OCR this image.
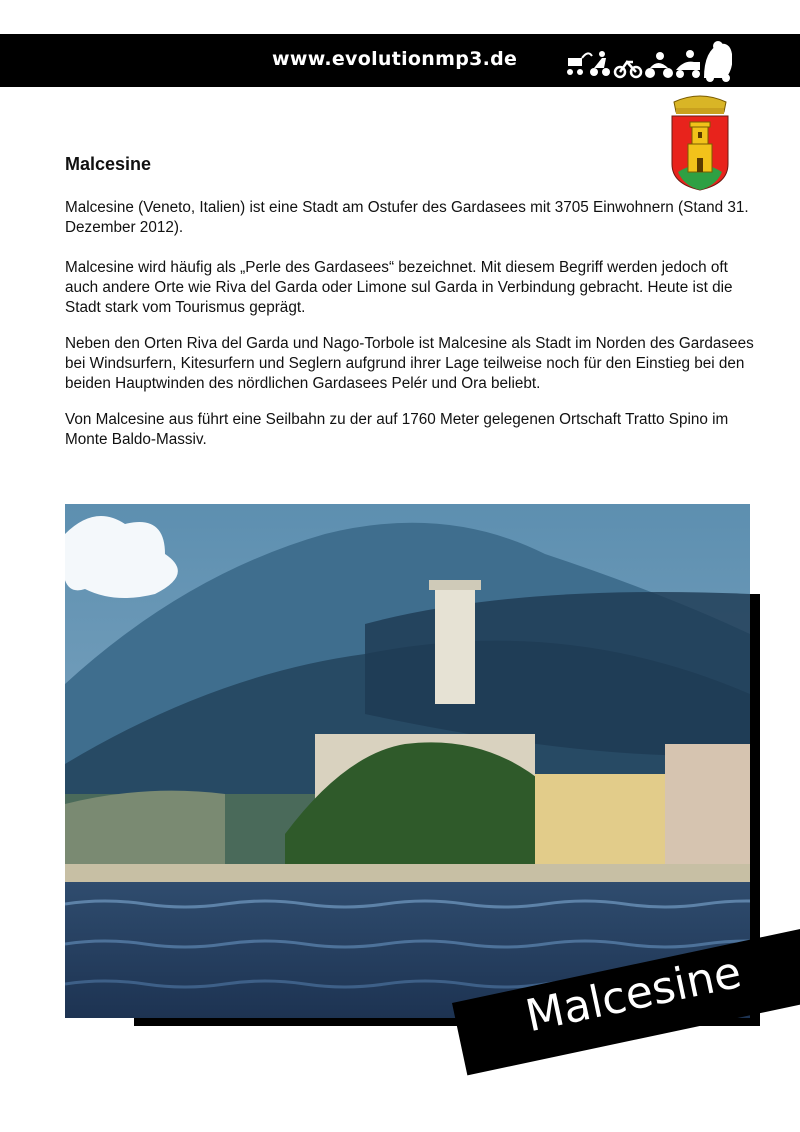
www.evolutionmp3.de
Malcesine

Malcesine (Veneto, Italien) ist eine Stadt am Ostufer des Gardasees mit 3705 Einwohnern (Stand 31. Dezember 2012).

Malcesine wird häufig als „Perle des Gardasees“ bezeichnet. Mit diesem Begriff werden jedoch oft auch andere Orte wie Riva del Garda oder Limone sul Garda in Verbindung gebracht. Heute ist die Stadt stark vom Tourismus geprägt.

Neben den Orten Riva del Garda und Nago-Torbole ist Malcesine als Stadt im Norden des Gardasees bei Windsurfern, Kitesurfern und Seglern aufgrund ihrer Lage teilweise noch für den Einstieg bei den beiden Hauptwinden des nördlichen Gardasees Pelér und Ora beliebt.

Von Malcesine aus führt eine Seilbahn zu der auf 1760 Meter gelegenen Ortschaft Tratto Spino im Monte Baldo-Massiv.

Malcesine
